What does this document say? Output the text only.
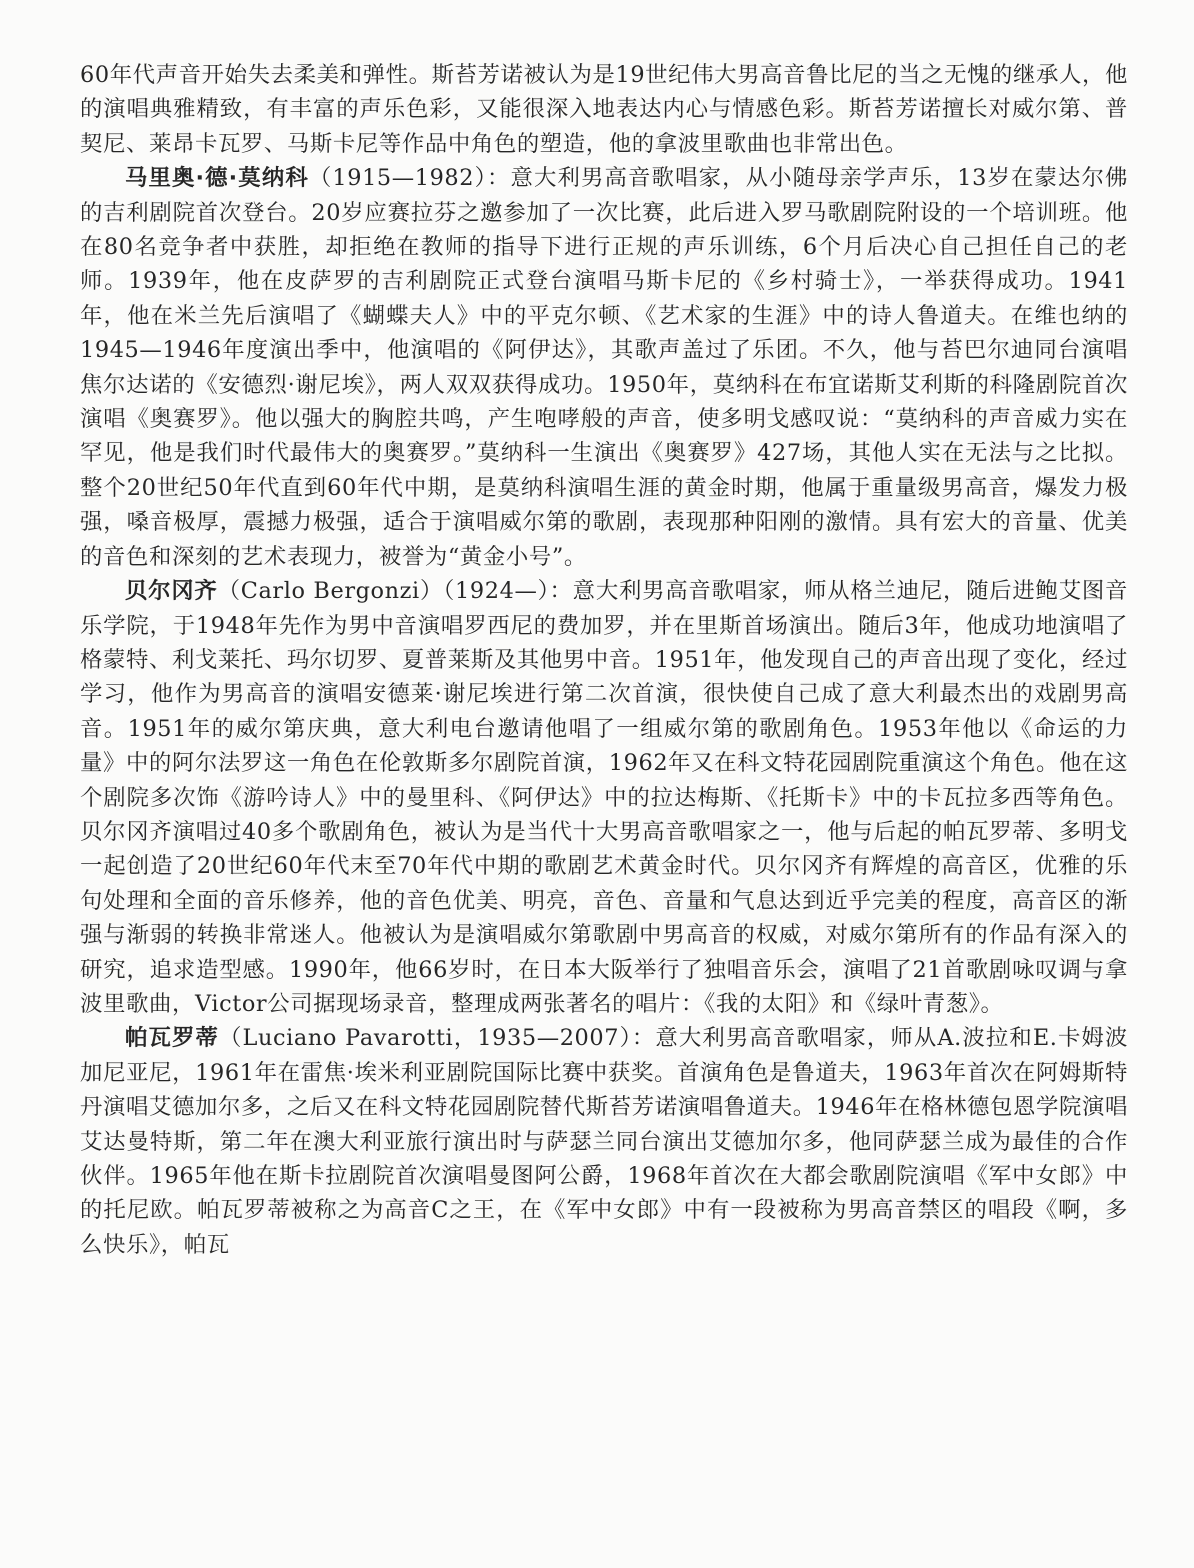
60年代声音开始失去柔美和弹性。斯苔芳诺被认为是19世纪伟大男高音鲁比尼的当之无愧的继承人，他的演唱典雅精致，有丰富的声乐色彩，又能很深入地表达内心与情感色彩。斯苔芳诺擅长对威尔第、普契尼、莱昂卡瓦罗、马斯卡尼等作品中角色的塑造，他的拿波里歌曲也非常出色。

马里奥·德·莫纳科（1915—1982）：意大利男高音歌唱家，从小随母亲学声乐，13岁在蒙达尔佛的吉利剧院首次登台。20岁应赛拉芬之邀参加了一次比赛，此后进入罗马歌剧院附设的一个培训班。他在80名竞争者中获胜，却拒绝在教师的指导下进行正规的声乐训练，6个月后决心自己担任自己的老师。1939年，他在皮萨罗的吉利剧院正式登台演唱马斯卡尼的《乡村骑士》，一举获得成功。1941年，他在米兰先后演唱了《蝴蝶夫人》中的平克尔顿、《艺术家的生涯》中的诗人鲁道夫。在维也纳的1945—1946年度演出季中，他演唱的《阿伊达》，其歌声盖过了乐团。不久，他与苔巴尔迪同台演唱焦尔达诺的《安德烈·谢尼埃》，两人双双获得成功。1950年，莫纳科在布宜诺斯艾利斯的科隆剧院首次演唱《奥赛罗》。他以强大的胸腔共鸣，产生咆哮般的声音，使多明戈感叹说：“莫纳科的声音威力实在罕见，他是我们时代最伟大的奥赛罗。”莫纳科一生演出《奥赛罗》427场，其他人实在无法与之比拟。整个20世纪50年代直到60年代中期，是莫纳科演唱生涯的黄金时期，他属于重量级男高音，爆发力极强，嗓音极厚，震撼力极强，适合于演唱威尔第的歌剧，表现那种阳刚的激情。具有宏大的音量、优美的音色和深刻的艺术表现力，被誉为“黄金小号”。

贝尔冈齐（Carlo Bergonzi）（1924—）：意大利男高音歌唱家，师从格兰迪尼，随后进鲍艾图音乐学院，于1948年先作为男中音演唱罗西尼的费加罗，并在里斯首场演出。随后3年，他成功地演唱了格蒙特、利戈莱托、玛尔切罗、夏普莱斯及其他男中音。1951年，他发现自己的声音出现了变化，经过学习，他作为男高音的演唱安德莱·谢尼埃进行第二次首演，很快使自己成了意大利最杰出的戏剧男高音。1951年的威尔第庆典，意大利电台邀请他唱了一组威尔第的歌剧角色。1953年他以《命运的力量》中的阿尔法罗这一角色在伦敦斯多尔剧院首演，1962年又在科文特花园剧院重演这个角色。他在这个剧院多次饰《游吟诗人》中的曼里科、《阿伊达》中的拉达梅斯、《托斯卡》中的卡瓦拉多西等角色。贝尔冈齐演唱过40多个歌剧角色，被认为是当代十大男高音歌唱家之一，他与后起的帕瓦罗蒂、多明戈一起创造了20世纪60年代末至70年代中期的歌剧艺术黄金时代。贝尔冈齐有辉煌的高音区，优雅的乐句处理和全面的音乐修养，他的音色优美、明亮，音色、音量和气息达到近乎完美的程度，高音区的渐强与渐弱的转换非常迷人。他被认为是演唱威尔第歌剧中男高音的权威，对威尔第所有的作品有深入的研究，追求造型感。1990年，他66岁时，在日本大阪举行了独唱音乐会，演唱了21首歌剧咏叹调与拿波里歌曲，Victor公司据现场录音，整理成两张著名的唱片：《我的太阳》和《绿叶青葱》。

帕瓦罗蒂（Luciano Pavarotti，1935—2007）：意大利男高音歌唱家，师从A.波拉和E.卡姆波加尼亚尼，1961年在雷焦·埃米利亚剧院国际比赛中获奖。首演角色是鲁道夫，1963年首次在阿姆斯特丹演唱艾德加尔多，之后又在科文特花园剧院替代斯苔芳诺演唱鲁道夫。1946年在格林德包恩学院演唱艾达曼特斯，第二年在澳大利亚旅行演出时与萨瑟兰同台演出艾德加尔多，他同萨瑟兰成为最佳的合作伙伴。1965年他在斯卡拉剧院首次演唱曼图阿公爵，1968年首次在大都会歌剧院演唱《军中女郎》中的托尼欧。帕瓦罗蒂被称之为高音C之王，在《军中女郎》中有一段被称为男高音禁区的唱段《啊，多么快乐》，帕瓦
